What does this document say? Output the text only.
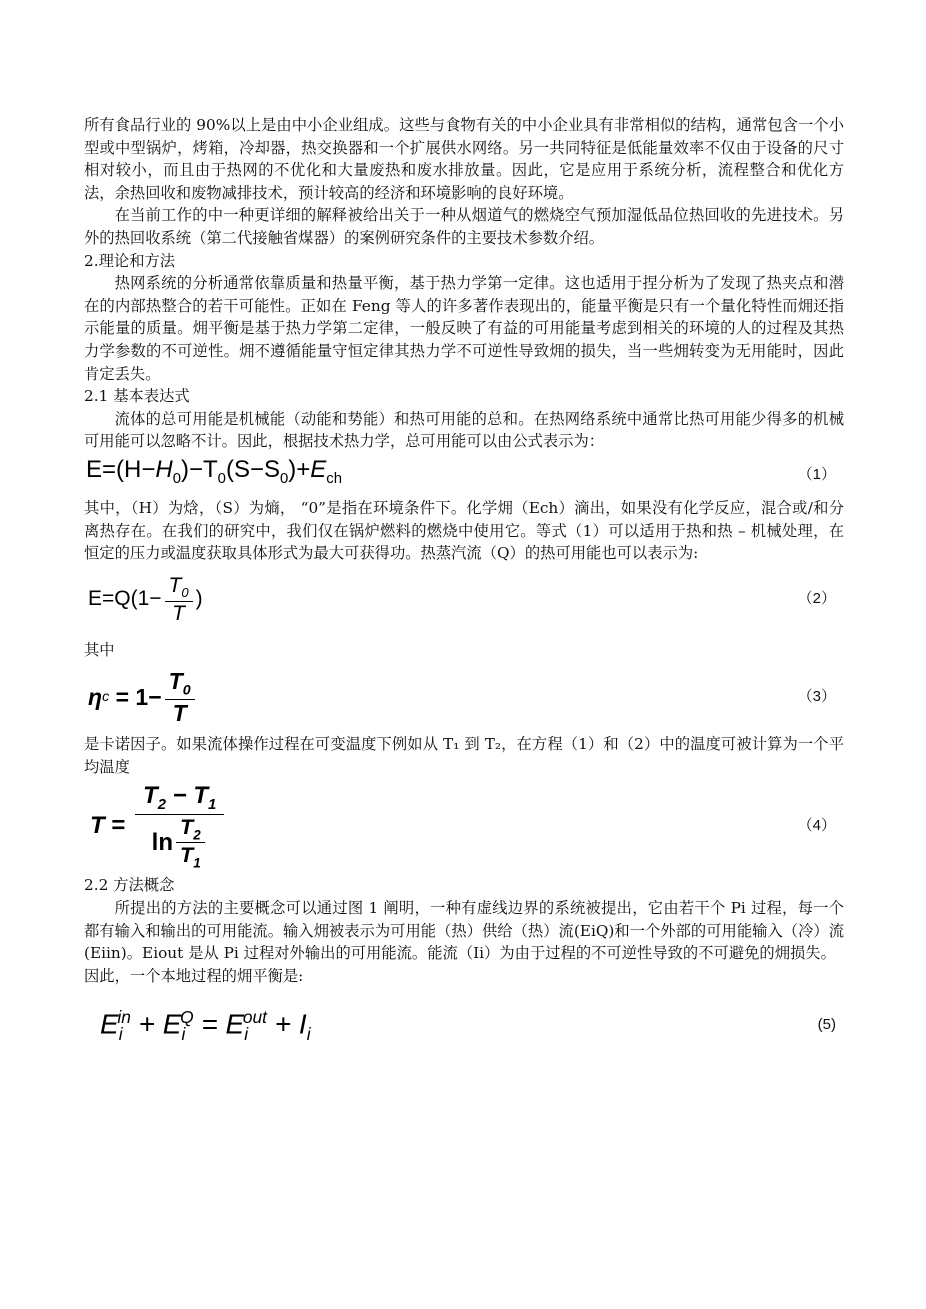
所有食品行业的 90%以上是由中小企业组成。这些与食物有关的中小企业具有非常相似的结构，通常包含一个小型或中型锅炉，烤箱，冷却器，热交换器和一个扩展供水网络。另一共同特征是低能量效率不仅由于设备的尺寸相对较小，而且由于热网的不优化和大量废热和废水排放量。因此，它是应用于系统分析，流程整合和优化方法，余热回收和废物减排技术，预计较高的经济和环境影响的良好环境。

在当前工作的中一种更详细的解释被给出关于一种从烟道气的燃烧空气预加湿低品位热回收的先进技术。另外的热回收系统（第二代接触省煤器）的案例研究条件的主要技术参数介绍。

2.理论和方法

热网系统的分析通常依靠质量和热量平衡，基于热力学第一定律。这也适用于捏分析为了发现了热夹点和潜在的内部热整合的若干可能性。正如在 Feng 等人的许多著作表现出的，能量平衡是只有一个量化特性而㶲还指示能量的质量。㶲平衡是基于热力学第二定律，一般反映了有益的可用能量考虑到相关的环境的人的过程及其热力学参数的不可逆性。㶲不遵循能量守恒定律其热力学不可逆性导致㶲的损失，当一些㶲转变为无用能时，因此肯定丢失。

2.1 基本表达式

流体的总可用能是机械能（动能和势能）和热可用能的总和。在热网络系统中通常比热可用能少得多的机械可用能可以忽略不计。因此，根据技术热力学，总可用能可以由公式表示为：

$E=(H-H_0)-T_0(S-S_0)+E_{ch}$	（1）

其中，（H）为焓，（S）为熵， “0”是指在环境条件下。化学㶲（Ech）滴出，如果没有化学反应，混合或/和分离热存在。在我们的研究中，我们仅在锅炉燃料的燃烧中使用它。等式（1）可以适用于热和热 – 机械处理，在恒定的压力或温度获取具体形式为最大可获得功。热蒸汽流（Q）的热可用能也可以表示为:

$E=Q(1- \frac{T_0}{T}$ )	（2）

其中

η $c = 1- \frac{T_0}{T}$	（3）

是卡诺因子。如果流体操作过程在可变温度下例如从 T₁ 到 T₂，在方程（1）和（2）中的温度可被计算为一个平均温度

$T = \frac{T_2 - T_1}{\ln \frac{T_2}{T_1}}$	（4）

2.2 方法概念

所提出的方法的主要概念可以通过图 1 阐明，一种有虚线边界的系统被提出，它由若干个 Pi 过程，每一个都有输入和输出的可用能流。输入㶲被表示为可用能（热）供给（热）流(EiQ)和一个外部的可用能输入（冷）流(Eiin)。Eiout 是从 Pi 过程对外输出的可用能流。能流（Ii）为由于过程的不可逆性导致的不可避免的㶲损失。

因此，一个本地过程的㶲平衡是:

$E_i^{in} + E_i^Q = E_i^{out} + I_i$	(5)
